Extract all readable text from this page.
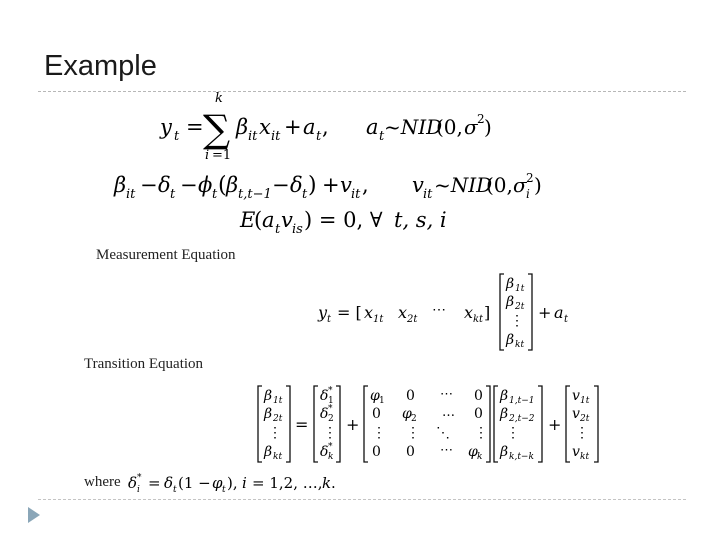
Example
y t = ∑
k
i =1
β it x it + a t , a t ~NID
(0, σ 2 )
β it − δ t − ϕ t ( β t,t−1 − δ t ) + v it , v it ~NID
(0, σ i
2 )
E
( a t v is ) = 0, ∀ t, s, i
Measurement Equation
y t = [ x 1t x 2t
⋯ x kt ]
β 1t
β 2t
⋮
β kt
+ a t
Transition Equation
β 1t
β 2t
⋮
β kt
=
δ 1
*
δ 2
*
⋮
δ k
*
+
φ 1 0 ⋯ 0
0 φ 2 … 0
⋮ ⋮ ⋱ ⋮
0 0 ⋯ φ k
β 1,t−1
β 2,t−2
⋮
β k,t−k
+
v 1t
v 2t
⋮
v kt
where δ i
* = δ t (1 − φ t ), i = 1,2, …, k .
